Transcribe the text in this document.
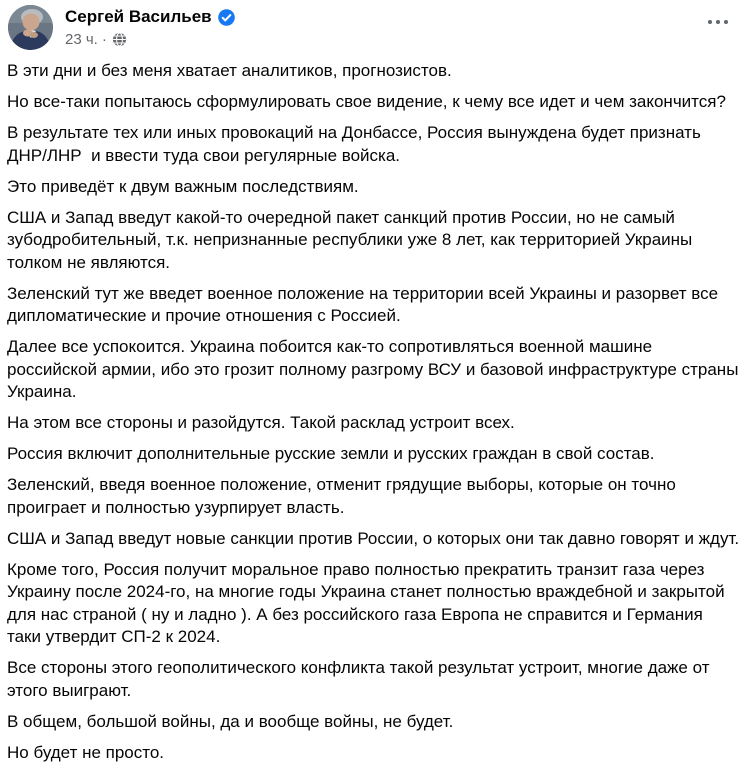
Сергей Васильев
23 ч. ·

В эти дни и без меня хватает аналитиков, прогнозистов.

Но все-таки попытаюсь сформулировать свое видение, к чему все идет и чем закончится?

В результате тех или иных провокаций на Донбассе, Россия вынуждена будет признать ДНР/ЛНР  и ввести туда свои регулярные войска.

Это приведёт к двум важным последствиям.

США и Запад введут какой-то очередной пакет санкций против России, но не самый зубодробительный, т.к. непризнанные республики уже 8 лет, как территорией Украины толком не являются.

Зеленский тут же введет военное положение на территории всей Украины и разорвет все дипломатические и прочие отношения с Россией.

Далее все успокоится. Украина побоится как-то сопротивляться военной машине российской армии, ибо это грозит полному разгрому ВСУ и базовой инфраструктуре страны Украина.

На этом все стороны и разойдутся. Такой расклад устроит всех.

Россия включит дополнительные русские земли и русских граждан в свой состав.

Зеленский, введя военное положение, отменит грядущие выборы, которые он точно проиграет и полностью узурпирует власть.

США и Запад введут новые санкции против России, о которых они так давно говорят и ждут.

Кроме того, Россия получит моральное право полностью прекратить транзит газа через Украину после 2024-го, на многие годы Украина станет полностью враждебной и закрытой для нас страной ( ну и ладно ). А без российского газа Европа не справится и Германия таки утвердит СП-2 к 2024.

Все стороны этого геополитического конфликта такой результат устроит, многие даже от этого выиграют.

В общем, большой войны, да и вообще войны, не будет.

Но будет не просто.
